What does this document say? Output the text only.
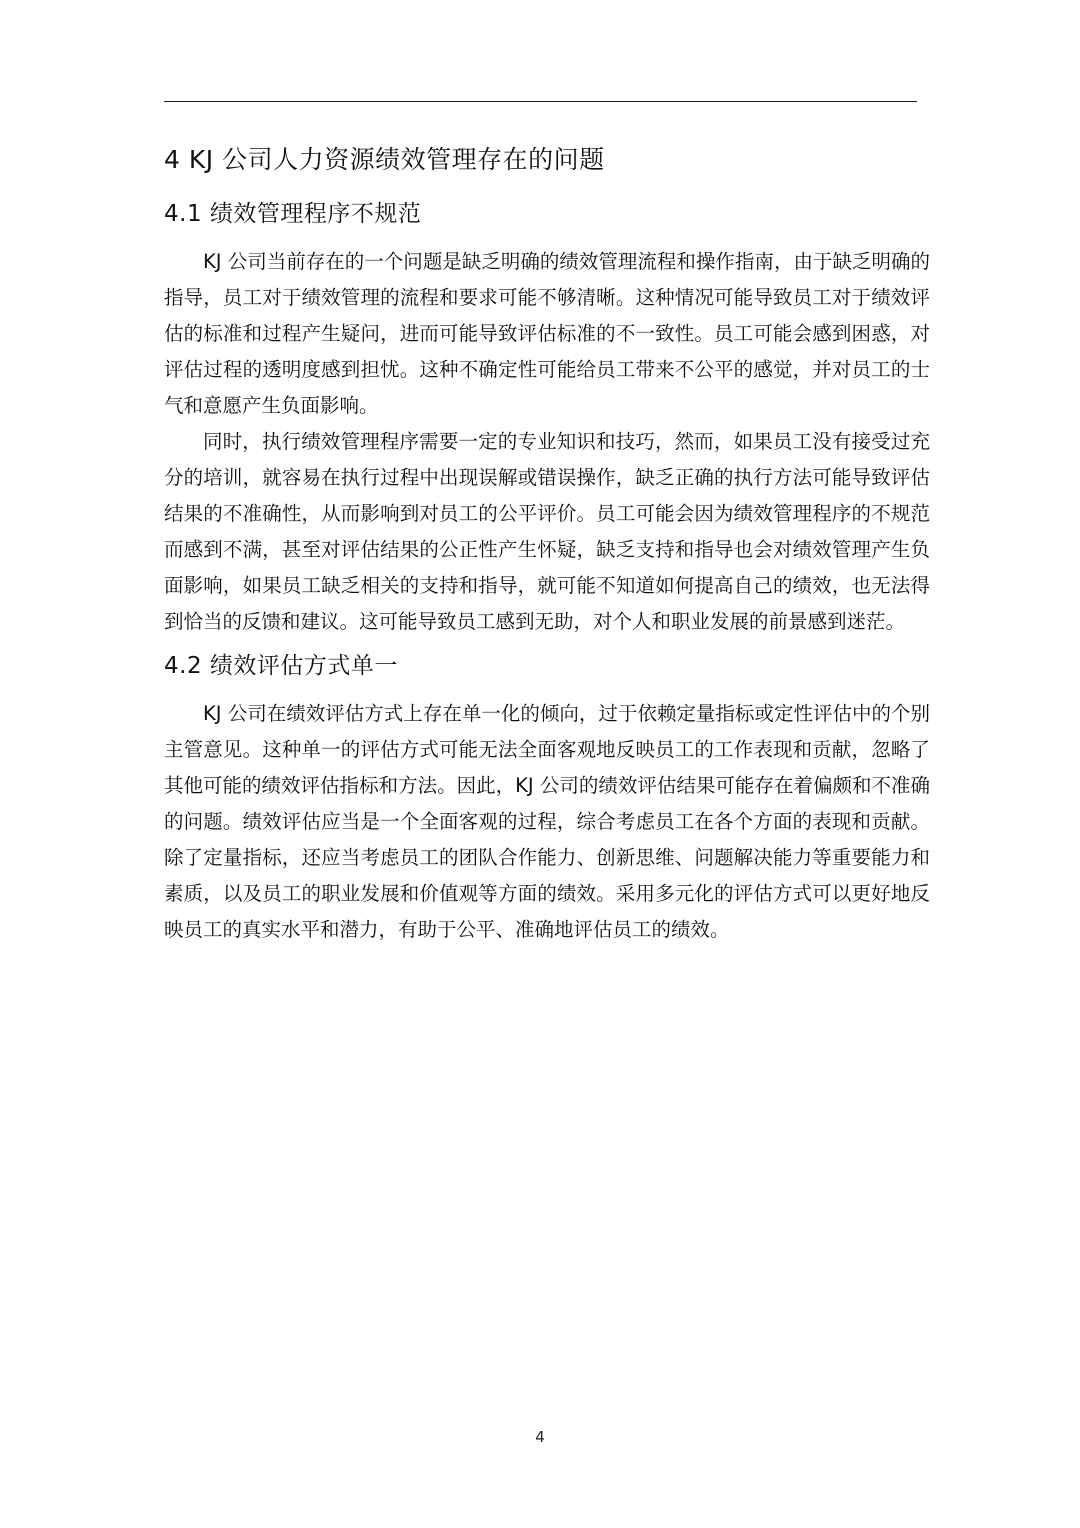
4 KJ 公司人力资源绩效管理存在的问题
4.1 绩效管理程序不规范

KJ 公司当前存在的一个问题是缺乏明确的绩效管理流程和操作指南，由于缺乏明确的指导，员工对于绩效管理的流程和要求可能不够清晰。这种情况可能导致员工对于绩效评估的标准和过程产生疑问，进而可能导致评估标准的不一致性。员工可能会感到困惑，对评估过程的透明度感到担忧。这种不确定性可能给员工带来不公平的感觉，并对员工的士气和意愿产生负面影响。

同时，执行绩效管理程序需要一定的专业知识和技巧，然而，如果员工没有接受过充分的培训，就容易在执行过程中出现误解或错误操作，缺乏正确的执行方法可能导致评估结果的不准确性，从而影响到对员工的公平评价。员工可能会因为绩效管理程序的不规范而感到不满，甚至对评估结果的公正性产生怀疑，缺乏支持和指导也会对绩效管理产生负面影响，如果员工缺乏相关的支持和指导，就可能不知道如何提高自己的绩效，也无法得到恰当的反馈和建议。这可能导致员工感到无助，对个人和职业发展的前景感到迷茫。

4.2 绩效评估方式单一

KJ 公司在绩效评估方式上存在单一化的倾向，过于依赖定量指标或定性评估中的个别主管意见。这种单一的评估方式可能无法全面客观地反映员工的工作表现和贡献，忽略了其他可能的绩效评估指标和方法。因此，KJ 公司的绩效评估结果可能存在着偏颇和不准确的问题。绩效评估应当是一个全面客观的过程，综合考虑员工在各个方面的表现和贡献。除了定量指标，还应当考虑员工的团队合作能力、创新思维、问题解决能力等重要能力和素质，以及员工的职业发展和价值观等方面的绩效。采用多元化的评估方式可以更好地反映员工的真实水平和潜力，有助于公平、准确地评估员工的绩效。

4
